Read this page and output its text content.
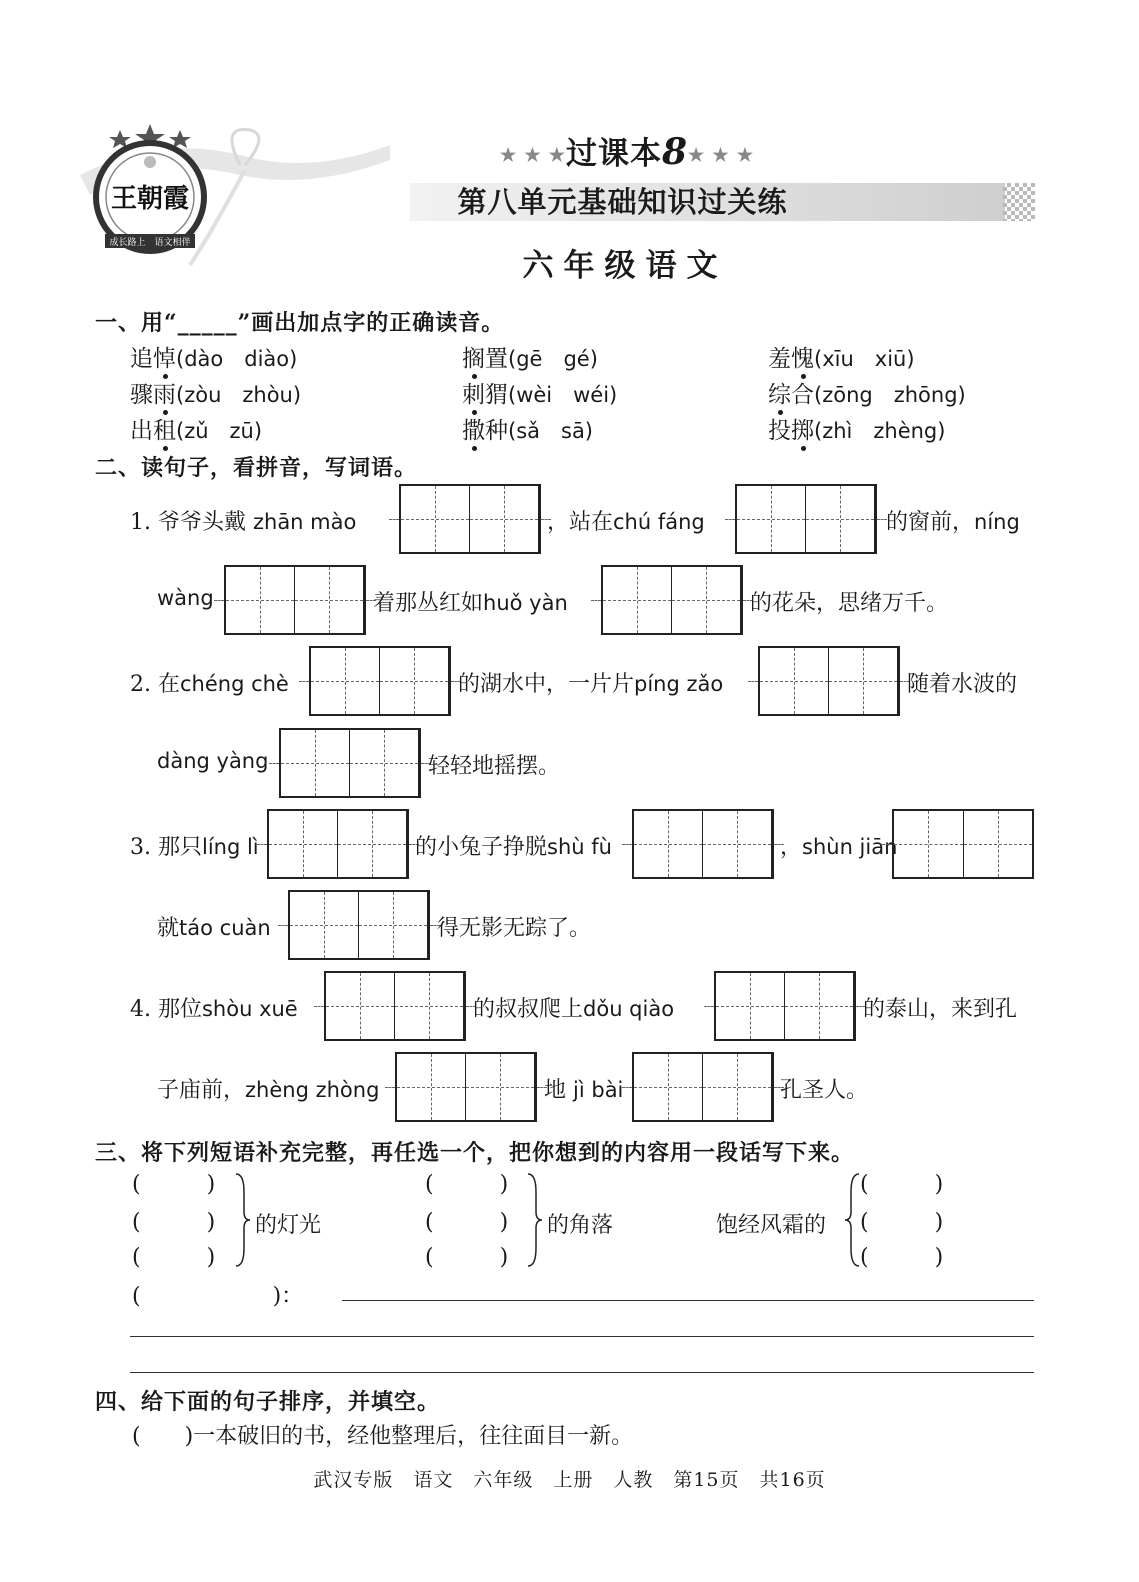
王朝霞
成长路上　语文相伴
★ ★ ★过课本8★ ★ ★
第八单元基础知识过关练
六年级语文
一、用“_____”画出加点字的正确读音。
追悼(dào　diào)	搁置(gē　gé)	羞愧(xīu　xiū)
骤雨(zòu　zhòu)	刺猬(wèi　wéi)	综合(zōng　zhōng)
出租(zǔ　zū)	撒种(sǎ　sā)	投掷(zhì　zhèng)
二、读句子，看拼音，写词语。
1. 爷爷头戴 zhān mào	，站在chú fáng	的窗前，níng
wàng	着那丛红如huǒ yàn	的花朵，思绪万千。
2. 在chéng chè	的湖水中，一片片píng zǎo	随着水波的
dàng yàng	轻轻地摇摆。
3. 那只líng lì	的小兔子挣脱shù fù	，shùn jiān
就táo cuàn	得无影无踪了。
4. 那位shòu xuē	的叔叔爬上dǒu qiào	的泰山，来到孔
子庙前，zhèng zhòng	地 jì bài	孔圣人。
三、将下列短语补充完整，再任选一个，把你想到的内容用一段话写下来。
(　　　)
(　　　)
(　　　)
的灯光
(　　　)
(　　　)
(　　　)
的角落	饱经风霜的
(　　　)
(　　　)
(　　　)
(　　　　　　)：
四、给下面的句子排序，并填空。
(　　)一本破旧的书，经他整理后，往往面目一新。
武汉专版　语文　六年级　上册　人教　第15页　共16页
